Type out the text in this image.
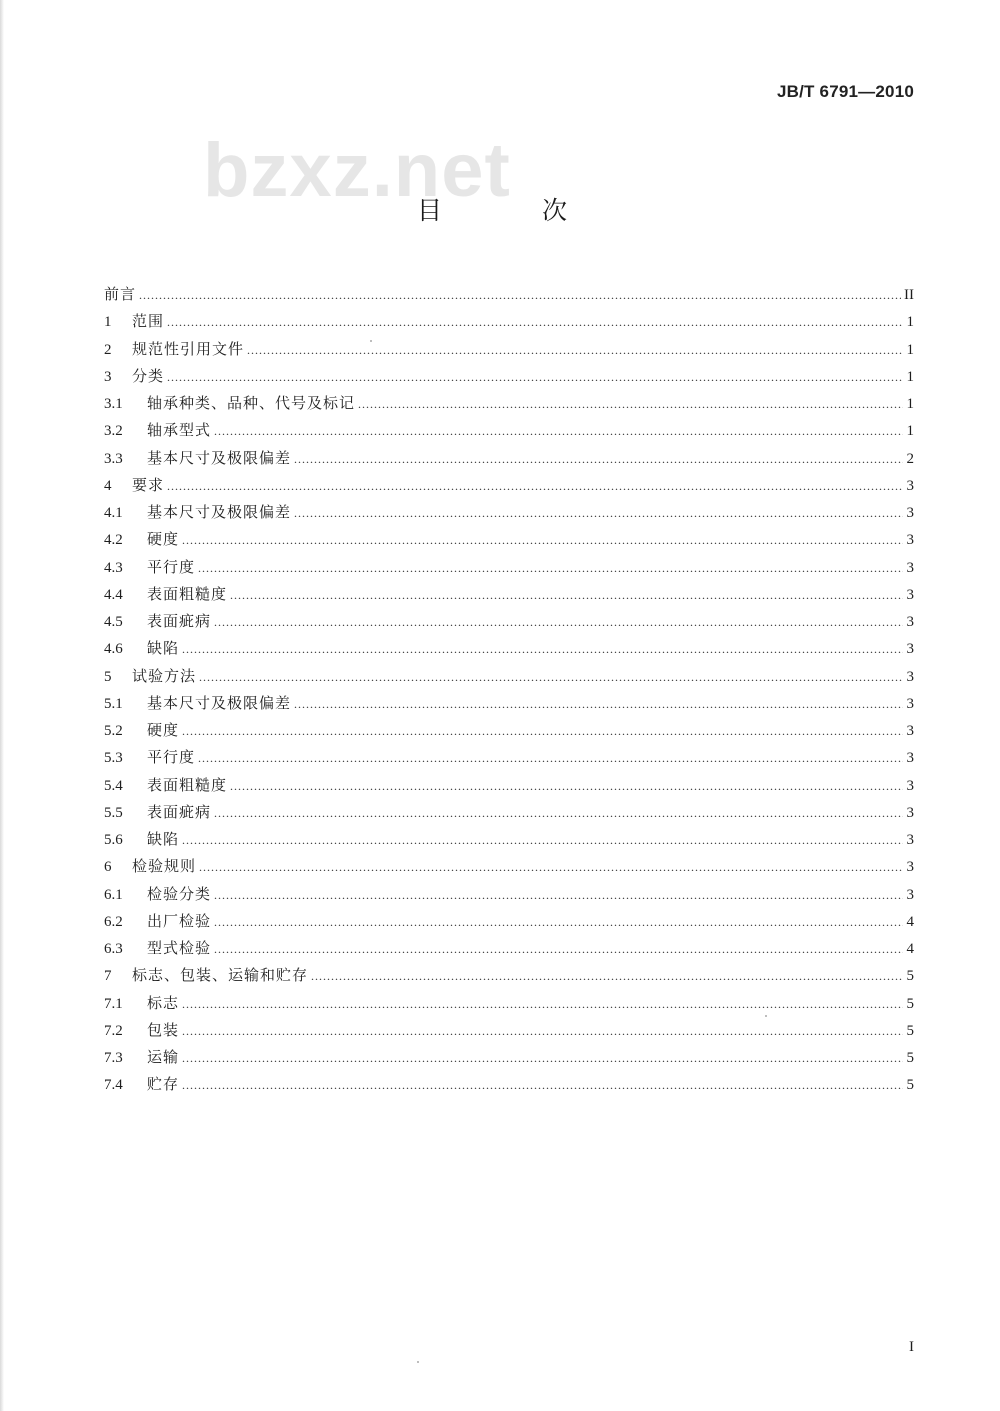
bzxz.net
JB/T 6791—2010
目 次
前言 .....	II
1	范围 .....	1
2	规范性引用文件 .....	1
3	分类 .....	1
3.1	轴承种类、品种、代号及标记 .....	1
3.2	轴承型式 .....	1
3.3	基本尺寸及极限偏差 .....	2
4	要求 .....	3
4.1	基本尺寸及极限偏差 .....	3
4.2	硬度 .....	3
4.3	平行度 .....	3
4.4	表面粗糙度 .....	3
4.5	表面疵病 .....	3
4.6	缺陷 .....	3
5	试验方法 .....	3
5.1	基本尺寸及极限偏差 .....	3
5.2	硬度 .....	3
5.3	平行度 .....	3
5.4	表面粗糙度 .....	3
5.5	表面疵病 .....	3
5.6	缺陷 .....	3
6	检验规则 .....	3
6.1	检验分类 .....	3
6.2	出厂检验 .....	4
6.3	型式检验 .....	4
7	标志、包装、运输和贮存 .....	5
7.1	标志 .....	5
7.2	包装 .....	5
7.3	运输 .....	5
7.4	贮存 .....	5
I
